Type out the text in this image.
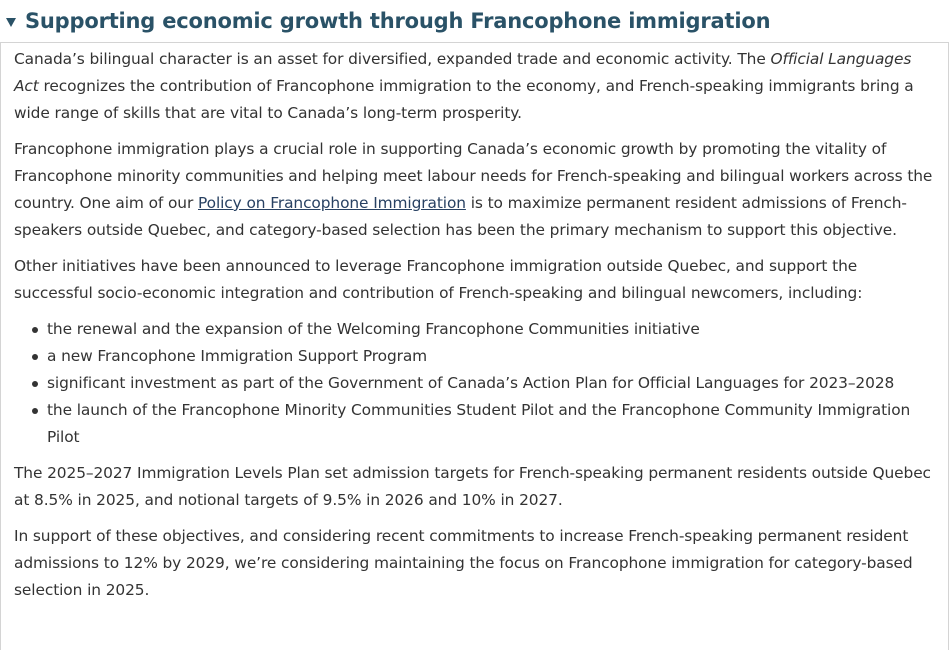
Supporting economic growth through Francophone immigration

Canada’s bilingual character is an asset for diversified, expanded trade and economic activity. The Official Languages Act recognizes the contribution of Francophone immigration to the economy, and French-speaking immigrants bring a wide range of skills that are vital to Canada’s long-term prosperity.

Francophone immigration plays a crucial role in supporting Canada’s economic growth by promoting the vitality of Francophone minority communities and helping meet labour needs for French-speaking and bilingual workers across the country. One aim of our Policy on Francophone Immigration is to maximize permanent resident admissions of French-speakers outside Quebec, and category-based selection has been the primary mechanism to support this objective.

Other initiatives have been announced to leverage Francophone immigration outside Quebec, and support the successful socio-economic integration and contribution of French-speaking and bilingual newcomers, including:

the renewal and the expansion of the Welcoming Francophone Communities initiative
a new Francophone Immigration Support Program
significant investment as part of the Government of Canada’s Action Plan for Official Languages for 2023–2028
the launch of the Francophone Minority Communities Student Pilot and the Francophone Community Immigration Pilot

The 2025–2027 Immigration Levels Plan set admission targets for French-speaking permanent residents outside Quebec at 8.5% in 2025, and notional targets of 9.5% in 2026 and 10% in 2027.

In support of these objectives, and considering recent commitments to increase French-speaking permanent resident admissions to 12% by 2029, we’re considering maintaining the focus on Francophone immigration for category-based selection in 2025.
